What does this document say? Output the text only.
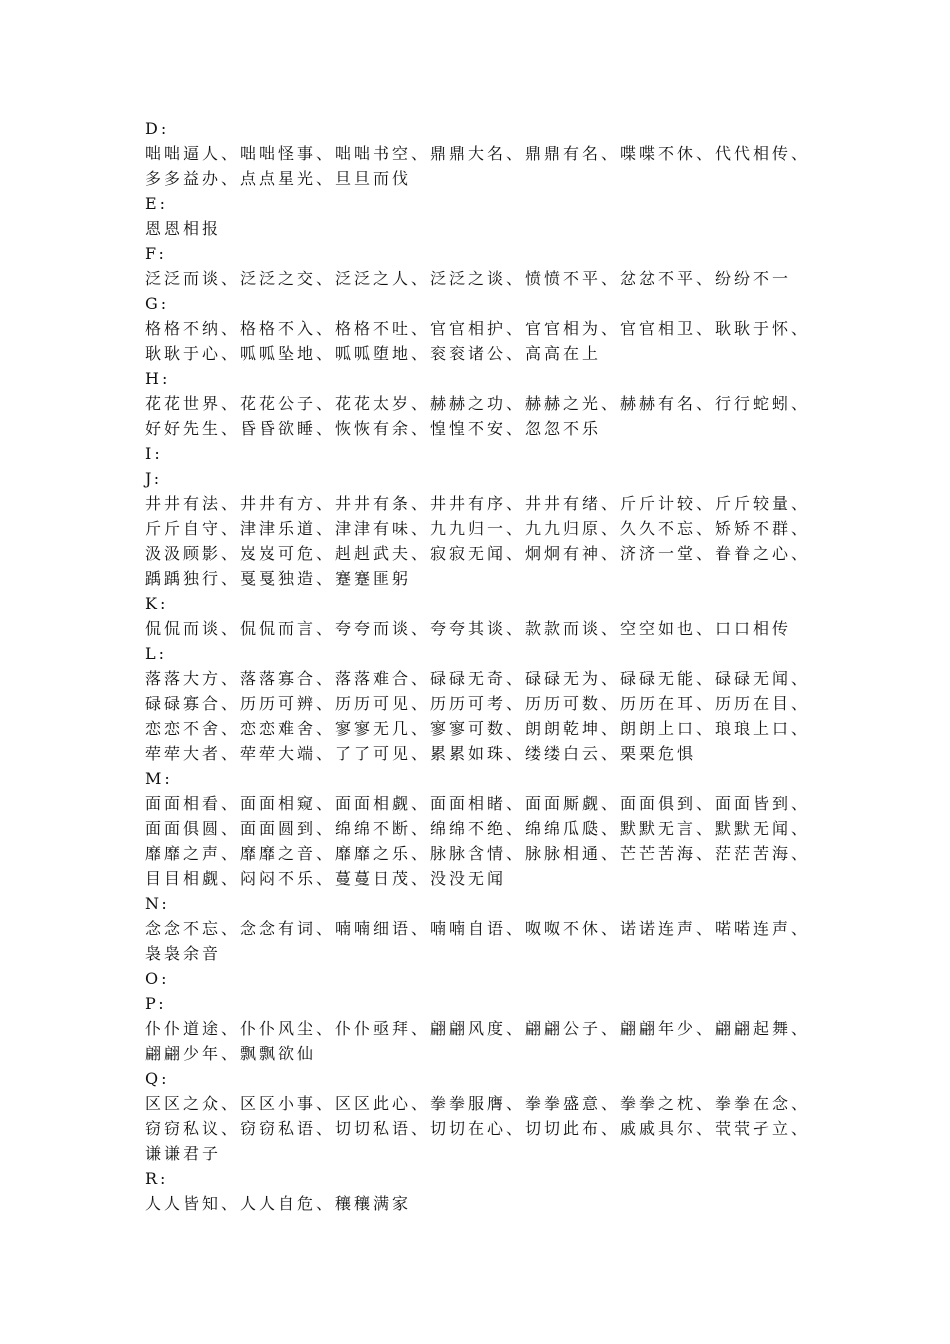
D:
咄咄逼人、咄咄怪事、咄咄书空、鼎鼎大名、鼎鼎有名、喋喋不休、代代相传、多多益办、点点星光、旦旦而伐
E:
恩恩相报
F:
泛泛而谈、泛泛之交、泛泛之人、泛泛之谈、愤愤不平、忿忿不平、纷纷不一
G:
格格不纳、格格不入、格格不吐、官官相护、官官相为、官官相卫、耿耿于怀、耿耿于心、呱呱坠地、呱呱堕地、衮衮诸公、高高在上
H:
花花世界、花花公子、花花太岁、赫赫之功、赫赫之光、赫赫有名、行行蛇蚓、好好先生、昏昏欲睡、恢恢有余、惶惶不安、忽忽不乐
I:
J:
井井有法、井井有方、井井有条、井井有序、井井有绪、斤斤计较、斤斤较量、斤斤自守、津津乐道、津津有味、九九归一、九九归原、久久不忘、矫矫不群、汲汲顾影、岌岌可危、赳赳武夫、寂寂无闻、炯炯有神、济济一堂、眷眷之心、踽踽独行、戛戛独造、蹇蹇匪躬
K:
侃侃而谈、侃侃而言、夸夸而谈、夸夸其谈、款款而谈、空空如也、口口相传
L:
落落大方、落落寡合、落落难合、碌碌无奇、碌碌无为、碌碌无能、碌碌无闻、碌碌寡合、历历可辨、历历可见、历历可考、历历可数、历历在耳、历历在目、恋恋不舍、恋恋难舍、寥寥无几、寥寥可数、朗朗乾坤、朗朗上口、琅琅上口、荦荦大者、荦荦大端、了了可见、累累如珠、缕缕白云、栗栗危惧
M:
面面相看、面面相窥、面面相觑、面面相睹、面面厮觑、面面俱到、面面皆到、面面俱圆、面面圆到、绵绵不断、绵绵不绝、绵绵瓜瓞、默默无言、默默无闻、靡靡之声、靡靡之音、靡靡之乐、脉脉含情、脉脉相通、芒芒苦海、茫茫苦海、目目相觑、闷闷不乐、蔓蔓日茂、没没无闻
N:
念念不忘、念念有词、喃喃细语、喃喃自语、呶呶不休、诺诺连声、喏喏连声、袅袅余音
O:
P:
仆仆道途、仆仆风尘、仆仆亟拜、翩翩风度、翩翩公子、翩翩年少、翩翩起舞、翩翩少年、飘飘欲仙
Q:
区区之众、区区小事、区区此心、拳拳服膺、拳拳盛意、拳拳之枕、拳拳在念、窃窃私议、窃窃私语、切切私语、切切在心、切切此布、戚戚具尔、茕茕孑立、谦谦君子
R:
人人皆知、人人自危、穰穰满家
